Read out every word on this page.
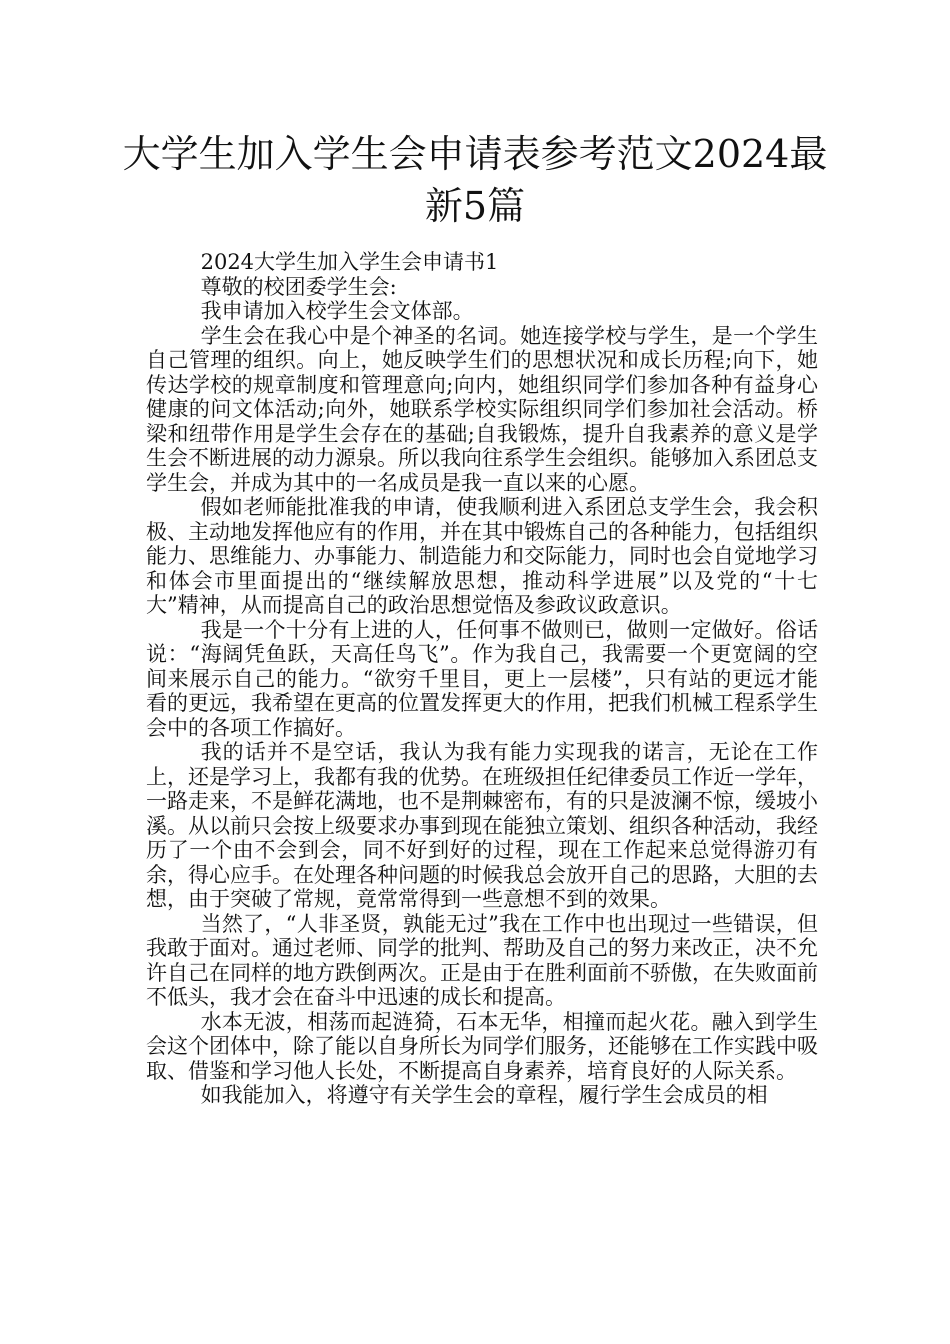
大学生加入学生会申请表参考范文2024最新5篇

2024大学生加入学生会申请书1

尊敬的校团委学生会:

我申请加入校学生会文体部。

学生会在我心中是个神圣的名词。她连接学校与学生，是一个学生自己管理的组织。向上，她反映学生们的思想状况和成长历程;向下，她传达学校的规章制度和管理意向;向内，她组织同学们参加各种有益身心健康的问文体活动;向外，她联系学校实际组织同学们参加社会活动。桥梁和纽带作用是学生会存在的基础;自我锻炼，提升自我素养的意义是学生会不断进展的动力源泉。所以我向往系学生会组织。能够加入系团总支学生会，并成为其中的一名成员是我一直以来的心愿。

假如老师能批准我的申请，使我顺利进入系团总支学生会，我会积极、主动地发挥他应有的作用，并在其中锻炼自己的各种能力，包括组织能力、思维能力、办事能力、制造能力和交际能力，同时也会自觉地学习和体会市里面提出的“继续解放思想，推动科学进展”以及党的“十七大”精神，从而提高自己的政治思想觉悟及参政议政意识。

我是一个十分有上进的人，任何事不做则已，做则一定做好。俗话说：“海阔凭鱼跃，天高任鸟飞”。作为我自己，我需要一个更宽阔的空间来展示自己的能力。“欲穷千里目，更上一层楼”，只有站的更远才能看的更远，我希望在更高的位置发挥更大的作用，把我们机械工程系学生会中的各项工作搞好。

我的话并不是空话，我认为我有能力实现我的诺言，无论在工作上，还是学习上，我都有我的优势。在班级担任纪律委员工作近一学年，一路走来，不是鲜花满地，也不是荆棘密布，有的只是波澜不惊，缓坡小溪。从以前只会按上级要求办事到现在能独立策划、组织各种活动，我经历了一个由不会到会，同不好到好的过程，现在工作起来总觉得游刃有余，得心应手。在处理各种问题的时候我总会放开自己的思路，大胆的去想，由于突破了常规，竟常常得到一些意想不到的效果。

当然了，“人非圣贤，孰能无过”我在工作中也出现过一些错误，但我敢于面对。通过老师、同学的批判、帮助及自己的努力来改正，决不允许自己在同样的地方跌倒两次。正是由于在胜利面前不骄傲，在失败面前不低头，我才会在奋斗中迅速的成长和提高。

水本无波，相荡而起涟猗，石本无华，相撞而起火花。融入到学生会这个团体中，除了能以自身所长为同学们服务，还能够在工作实践中吸取、借鉴和学习他人长处，不断提高自身素养，培育良好的人际关系。

如我能加入，将遵守有关学生会的章程，履行学生会成员的相
